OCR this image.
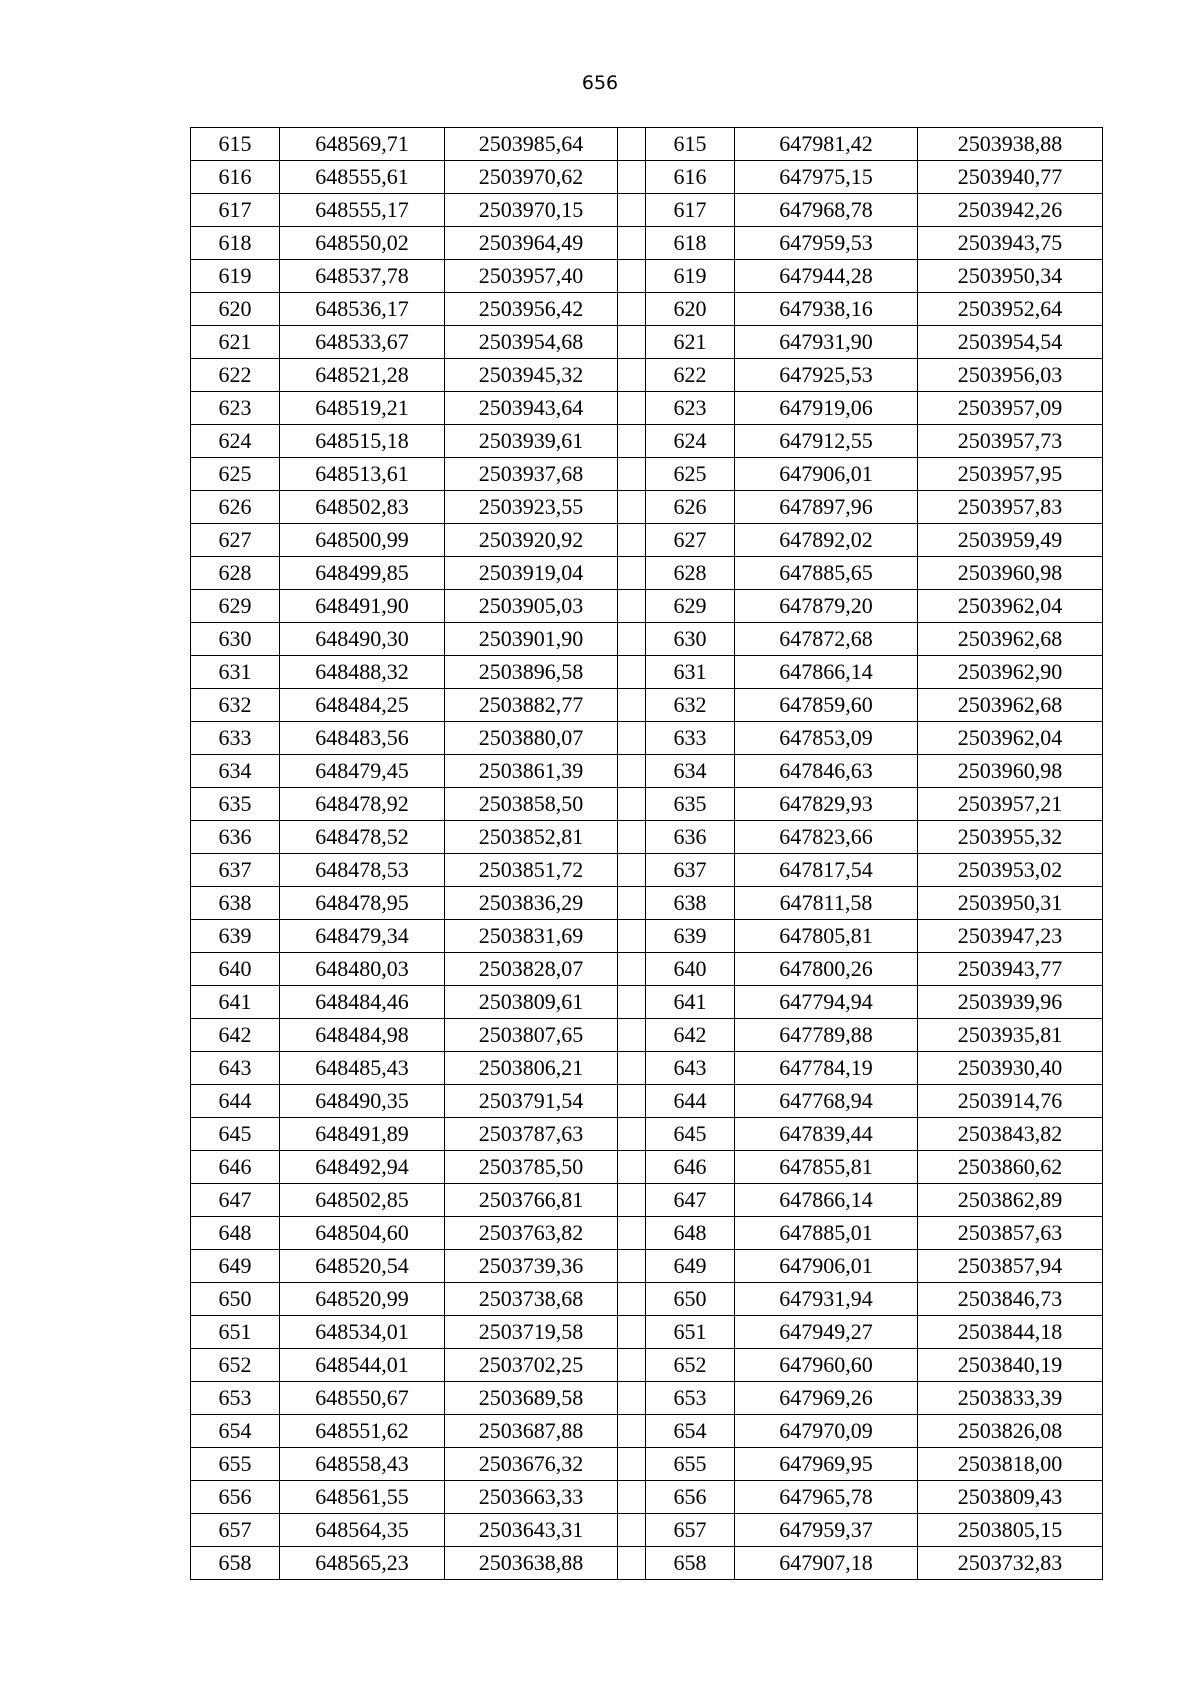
656
615	648569,71	2503985,64		615	647981,42	2503938,88
616	648555,61	2503970,62		616	647975,15	2503940,77
617	648555,17	2503970,15		617	647968,78	2503942,26
618	648550,02	2503964,49		618	647959,53	2503943,75
619	648537,78	2503957,40		619	647944,28	2503950,34
620	648536,17	2503956,42		620	647938,16	2503952,64
621	648533,67	2503954,68		621	647931,90	2503954,54
622	648521,28	2503945,32		622	647925,53	2503956,03
623	648519,21	2503943,64		623	647919,06	2503957,09
624	648515,18	2503939,61		624	647912,55	2503957,73
625	648513,61	2503937,68		625	647906,01	2503957,95
626	648502,83	2503923,55		626	647897,96	2503957,83
627	648500,99	2503920,92		627	647892,02	2503959,49
628	648499,85	2503919,04		628	647885,65	2503960,98
629	648491,90	2503905,03		629	647879,20	2503962,04
630	648490,30	2503901,90		630	647872,68	2503962,68
631	648488,32	2503896,58		631	647866,14	2503962,90
632	648484,25	2503882,77		632	647859,60	2503962,68
633	648483,56	2503880,07		633	647853,09	2503962,04
634	648479,45	2503861,39		634	647846,63	2503960,98
635	648478,92	2503858,50		635	647829,93	2503957,21
636	648478,52	2503852,81		636	647823,66	2503955,32
637	648478,53	2503851,72		637	647817,54	2503953,02
638	648478,95	2503836,29		638	647811,58	2503950,31
639	648479,34	2503831,69		639	647805,81	2503947,23
640	648480,03	2503828,07		640	647800,26	2503943,77
641	648484,46	2503809,61		641	647794,94	2503939,96
642	648484,98	2503807,65		642	647789,88	2503935,81
643	648485,43	2503806,21		643	647784,19	2503930,40
644	648490,35	2503791,54		644	647768,94	2503914,76
645	648491,89	2503787,63		645	647839,44	2503843,82
646	648492,94	2503785,50		646	647855,81	2503860,62
647	648502,85	2503766,81		647	647866,14	2503862,89
648	648504,60	2503763,82		648	647885,01	2503857,63
649	648520,54	2503739,36		649	647906,01	2503857,94
650	648520,99	2503738,68		650	647931,94	2503846,73
651	648534,01	2503719,58		651	647949,27	2503844,18
652	648544,01	2503702,25		652	647960,60	2503840,19
653	648550,67	2503689,58		653	647969,26	2503833,39
654	648551,62	2503687,88		654	647970,09	2503826,08
655	648558,43	2503676,32		655	647969,95	2503818,00
656	648561,55	2503663,33		656	647965,78	2503809,43
657	648564,35	2503643,31		657	647959,37	2503805,15
658	648565,23	2503638,88		658	647907,18	2503732,83
